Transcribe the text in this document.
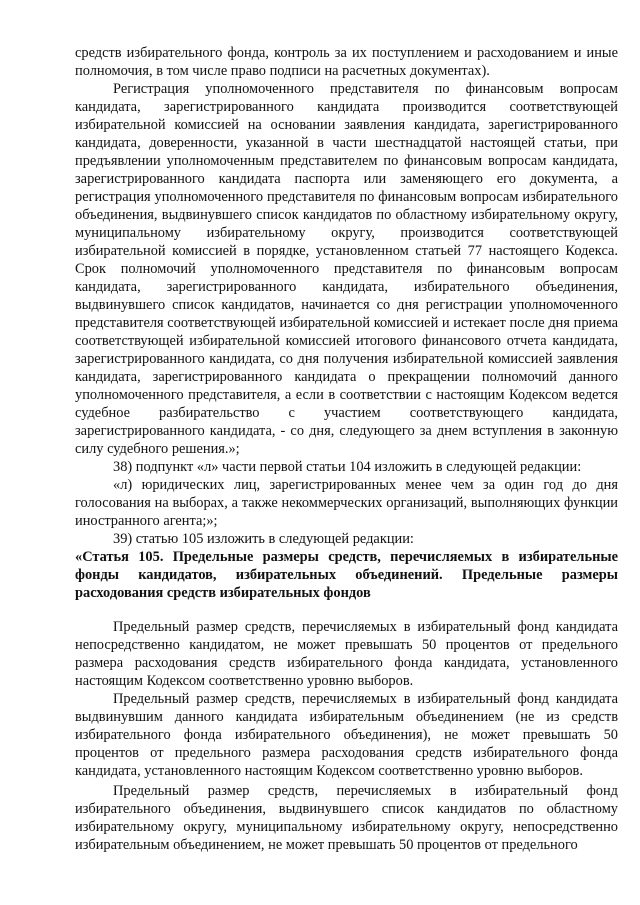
средств избирательного фонда, контроль за их поступлением и расходованием и иные полномочия, в том числе право подписи на расчетных документах).

Регистрация уполномоченного представителя по финансовым вопросам кандидата, зарегистрированного кандидата производится соответствующей избирательной комиссией на основании заявления кандидата, зарегистрированного кандидата, доверенности, указанной в части шестнадцатой настоящей статьи, при предъявлении уполномоченным представителем по финансовым вопросам кандидата, зарегистрированного кандидата паспорта или заменяющего его документа, а регистрация уполномоченного представителя по финансовым вопросам избирательного объединения, выдвинувшего список кандидатов по областному избирательному округу, муниципальному избирательному округу, производится соответствующей избирательной комиссией в порядке, установленном статьей 77 настоящего Кодекса. Срок полномочий уполномоченного представителя по финансовым вопросам кандидата, зарегистрированного кандидата, избирательного объединения, выдвинувшего список кандидатов, начинается со дня регистрации уполномоченного представителя соответствующей избирательной комиссией и истекает после дня приема соответствующей избирательной комиссией итогового финансового отчета кандидата, зарегистрированного кандидата, со дня получения избирательной комиссией заявления кандидата, зарегистрированного кандидата о прекращении полномочий данного уполномоченного представителя, а если в соответствии с настоящим Кодексом ведется судебное разбирательство с участием соответствующего кандидата, зарегистрированного кандидата, - со дня, следующего за днем вступления в законную силу судебного решения.»;

38) подпункт «л» части первой статьи 104 изложить в следующей редакции:

«л) юридических лиц, зарегистрированных менее чем за один год до дня голосования на выборах, а также некоммерческих организаций, выполняющих функции иностранного агента;»;

39) статью 105 изложить в следующей редакции:

«Статья 105. Предельные размеры средств, перечисляемых в избирательные фонды кандидатов, избирательных объединений. Предельные размеры расходования средств избирательных фондов

Предельный размер средств, перечисляемых в избирательный фонд кандидата непосредственно кандидатом, не может превышать 50 процентов от предельного размера расходования средств избирательного фонда кандидата, установленного настоящим Кодексом соответственно уровню выборов.

Предельный размер средств, перечисляемых в избирательный фонд кандидата выдвинувшим данного кандидата избирательным объединением (не из средств избирательного фонда избирательного объединения), не может превышать 50 процентов от предельного размера расходования средств избирательного фонда кандидата, установленного настоящим Кодексом соответственно уровню выборов.

Предельный размер средств, перечисляемых в избирательный фонд избирательного объединения, выдвинувшего список кандидатов по областному избирательному округу, муниципальному избирательному округу, непосредственно избирательным объединением, не может превышать 50 процентов от предельного
